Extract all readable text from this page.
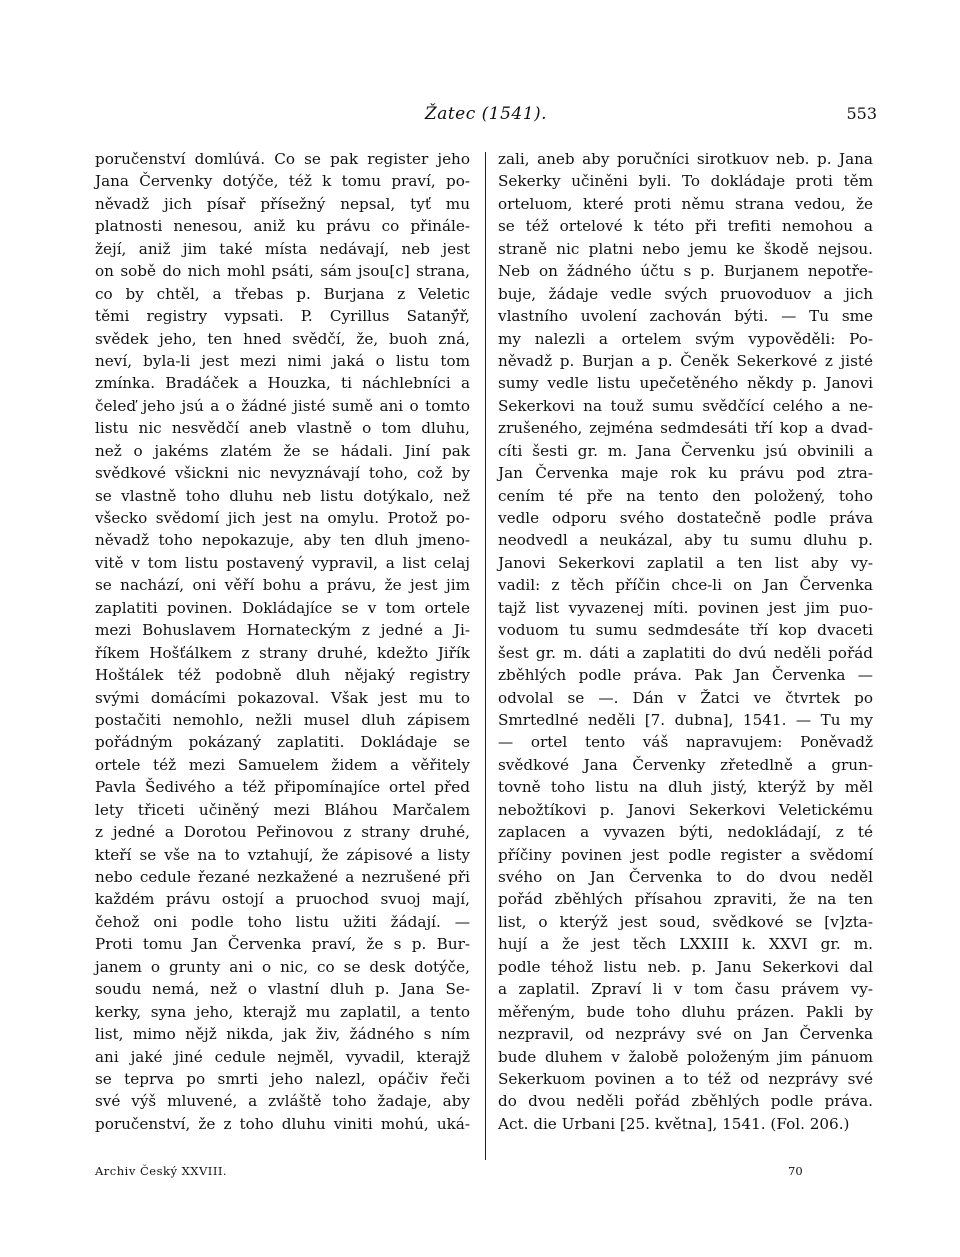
Žatec (1541).	553
poručenství domlúvá. Co se pak register jeho
Jana Červenky dotýče, též k tomu praví, po-
něvadž jich písař přísežný nepsal, tyť mu
platnosti nenesou, aniž ku právu co přinále-
žejí, aniž jim také místa nedávají, neb jest
on sobě do nich mohl psáti, sám jsou[c] strana,
co by chtěl, a třebas p. Burjana z Veletic
těmi registry vypsati. P. Cyrillus Sataný̆ř,
svědek jeho, ten hned svědčí, že, buoh zná,
neví, byla-li jest mezi nimi jaká o listu tom
zmínka. Bradáček a Houzka, ti náchlebníci a
čeleď jeho jsú a o žádné jisté sumě ani o tomto
listu nic nesvědčí aneb vlastně o tom dluhu,
než o jakéms zlatém že se hádali. Jiní pak
svědkové všickni nic nevyznávají toho, což by
se vlastně toho dluhu neb listu dotýkalo, než
všecko svědomí jich jest na omylu. Protož po-
něvadž toho nepokazuje, aby ten dluh jmeno-
vitě v tom listu postavený vypravil, a list celaj
se nachází, oni věří bohu a právu, že jest jim
zaplatiti povinen. Dokládajíce se v tom ortele
mezi Bohuslavem Hornateckým z jedné a Ji-
říkem Hošťálkem z strany druhé, kdežto Jiřík
Hoštálek též podobně dluh nějaký registry
svými domácími pokazoval. Však jest mu to
postačiti nemohlo, nežli musel dluh zápisem
pořádným pokázaný zaplatiti. Dokládaje se
ortele též mezi Samuelem židem a věřitely
Pavla Šedivého a též připomínajíce ortel před
lety třiceti učiněný mezi Bláhou Marčalem
z jedné a Dorotou Peřinovou z strany druhé,
kteří se vše na to vztahují, že zápisové a listy
nebo cedule řezané nezkažené a nezrušené při
každém právu ostojí a pruochod svuoj mají,
čehož oni podle toho listu užiti žádají. —
Proti tomu Jan Červenka praví, že s p. Bur-
janem o grunty ani o nic, co se desk dotýče,
soudu nemá, než o vlastní dluh p. Jana Se-
kerky, syna jeho, kterajž mu zaplatil, a tento
list, mimo nějž nikda, jak živ, žádného s ním
ani jaké jiné cedule nejměl, vyvadil, kterajž
se teprva po smrti jeho nalezl, opáčiv řeči
své výš mluvené, a zvláště toho žadaje, aby
poručenství, že z toho dluhu viniti mohú, uká-
zali, aneb aby poručníci sirotkuov neb. p. Jana
Sekerky učiněni byli. To dokládaje proti těm
orteluom, které proti němu strana vedou, že
se též ortelové k této při trefiti nemohou a
straně nic platni nebo jemu ke škodě nejsou.
Neb on žádného účtu s p. Burjanem nepotře-
buje, žádaje vedle svých pruovoduov a jich
vlastního uvolení zachován býti. — Tu sme
my nalezli a ortelem svým vypověděli: Po-
něvadž p. Burjan a p. Čeněk Sekerkové z jisté
sumy vedle listu upečetěného někdy p. Janovi
Sekerkovi na touž sumu svědčící celého a ne-
zrušeného, zejména sedmdesáti tří kop a dvad-
cíti šesti gr. m. Jana Červenku jsú obvinili a
Jan Červenka maje rok ku právu pod ztra-
cením té pře na tento den položený, toho
vedle odporu svého dostatečně podle práva
neodvedl a neukázal, aby tu sumu dluhu p.
Janovi Sekerkovi zaplatil a ten list aby vy-
vadil: z těch příčin chce-li on Jan Červenka
tajž list vyvazenej míti. povinen jest jim puo-
voduom tu sumu sedmdesáte tří kop dvaceti
šest gr. m. dáti a zaplatiti do dvú neděli pořád
zběhlých podle práva. Pak Jan Červenka —
odvolal se —. Dán v Žatci ve čtvrtek po
Smrtedlné neděli [7. dubna], 1541. — Tu my
— ortel tento váš napravujem: Poněvadž
svědkové Jana Červenky zřetedlně a grun-
tovně toho listu na dluh jistý, kterýž by měl
nebožtíkovi p. Janovi Sekerkovi Veletickému
zaplacen a vyvazen býti, nedokládají, z té
příčiny povinen jest podle register a svědomí
svého on Jan Červenka to do dvou neděl
pořád zběhlých přísahou zpraviti, že na ten
list, o kterýž jest soud, svědkové se [v]zta-
hují a že jest těch LXXIII k. XXVI gr. m.
podle téhož listu neb. p. Janu Sekerkovi dal
a zaplatil. Zpraví li v tom času právem vy-
měřeným, bude toho dluhu prázen. Pakli by
nezpravil, od nezprávy své on Jan Červenka
bude dluhem v žalobě položeným jim pánuom
Sekerkuom povinen a to též od nezprávy své
do dvou neděli pořád zběhlých podle práva.
Act. die Urbani [25. května], 1541. (Fol. 206.)
Archiv Český XXVIII.	70
